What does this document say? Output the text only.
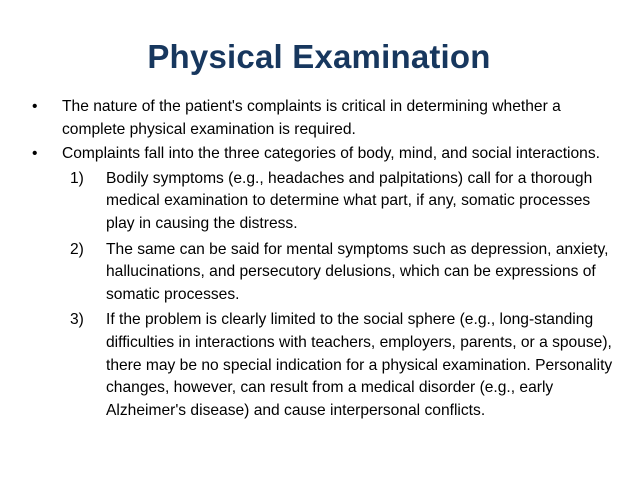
Physical Examination
•	The nature of the patient's complaints is critical in determining whether a complete physical examination is required.
•	Complaints fall into the three categories of body, mind, and social interactions.
1)	Bodily symptoms (e.g., headaches and palpitations) call for a thorough medical examination to determine what part, if any, somatic processes play in causing the distress.
2)	The same can be said for mental symptoms such as depression, anxiety, hallucinations, and persecutory delusions, which can be expressions of somatic processes.
3)	If the problem is clearly limited to the social sphere (e.g., long-standing difficulties in interactions with teachers, employers, parents, or a spouse), there may be no special indication for a physical examination. Personality changes, however, can result from a medical disorder (e.g., early Alzheimer's disease) and cause interpersonal conflicts.
